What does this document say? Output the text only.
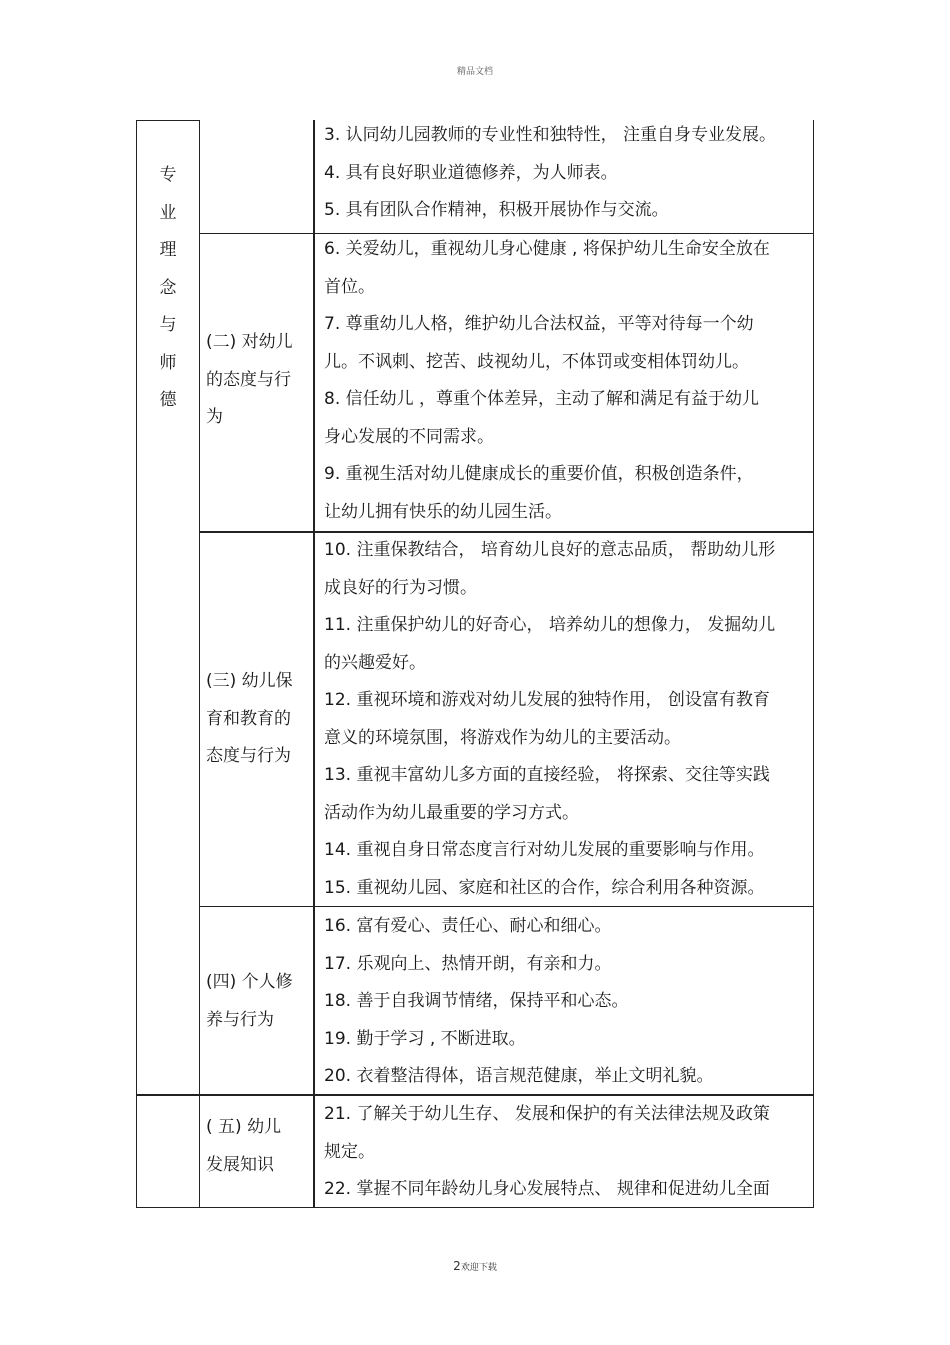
精品文档
专
业
理
念
与
师
德
(二) 对幼儿
的态度与行
为
(三) 幼儿保
育和教育的
态度与行为
(四) 个人修
养与行为
( 五) 幼儿
发展知识

3. 认同幼儿园教师的专业性和独特性， 注重自身专业发展。

4. 具有良好职业道德修养，为人师表。

5. 具有团队合作精神，积极开展协作与交流。

6. 关爱幼儿，重视幼儿身心健康 , 将保护幼儿生命安全放在

首位。

7. 尊重幼儿人格，维护幼儿合法权益，平等对待每一个幼

儿。不讽刺、挖苦、歧视幼儿，不体罚或变相体罚幼儿。

8. 信任幼儿 ，尊重个体差异，主动了解和满足有益于幼儿

身心发展的不同需求。

9. 重视生活对幼儿健康成长的重要价值，积极创造条件，

让幼儿拥有快乐的幼儿园生活。

10. 注重保教结合， 培育幼儿良好的意志品质， 帮助幼儿形

成良好的行为习惯。

11. 注重保护幼儿的好奇心， 培养幼儿的想像力， 发掘幼儿

的兴趣爱好。

12. 重视环境和游戏对幼儿发展的独特作用， 创设富有教育

意义的环境氛围，将游戏作为幼儿的主要活动。

13. 重视丰富幼儿多方面的直接经验， 将探索、交往等实践

活动作为幼儿最重要的学习方式。

14. 重视自身日常态度言行对幼儿发展的重要影响与作用。

15. 重视幼儿园、家庭和社区的合作，综合利用各种资源。

16. 富有爱心、责任心、耐心和细心。

17. 乐观向上、热情开朗，有亲和力。

18. 善于自我调节情绪，保持平和心态。

19. 勤于学习 , 不断进取。

20. 衣着整洁得体，语言规范健康，举止文明礼貌。

21. 了解关于幼儿生存、 发展和保护的有关法律法规及政策

规定。

22. 掌握不同年龄幼儿身心发展特点、 规律和促进幼儿全面

2欢迎下载
